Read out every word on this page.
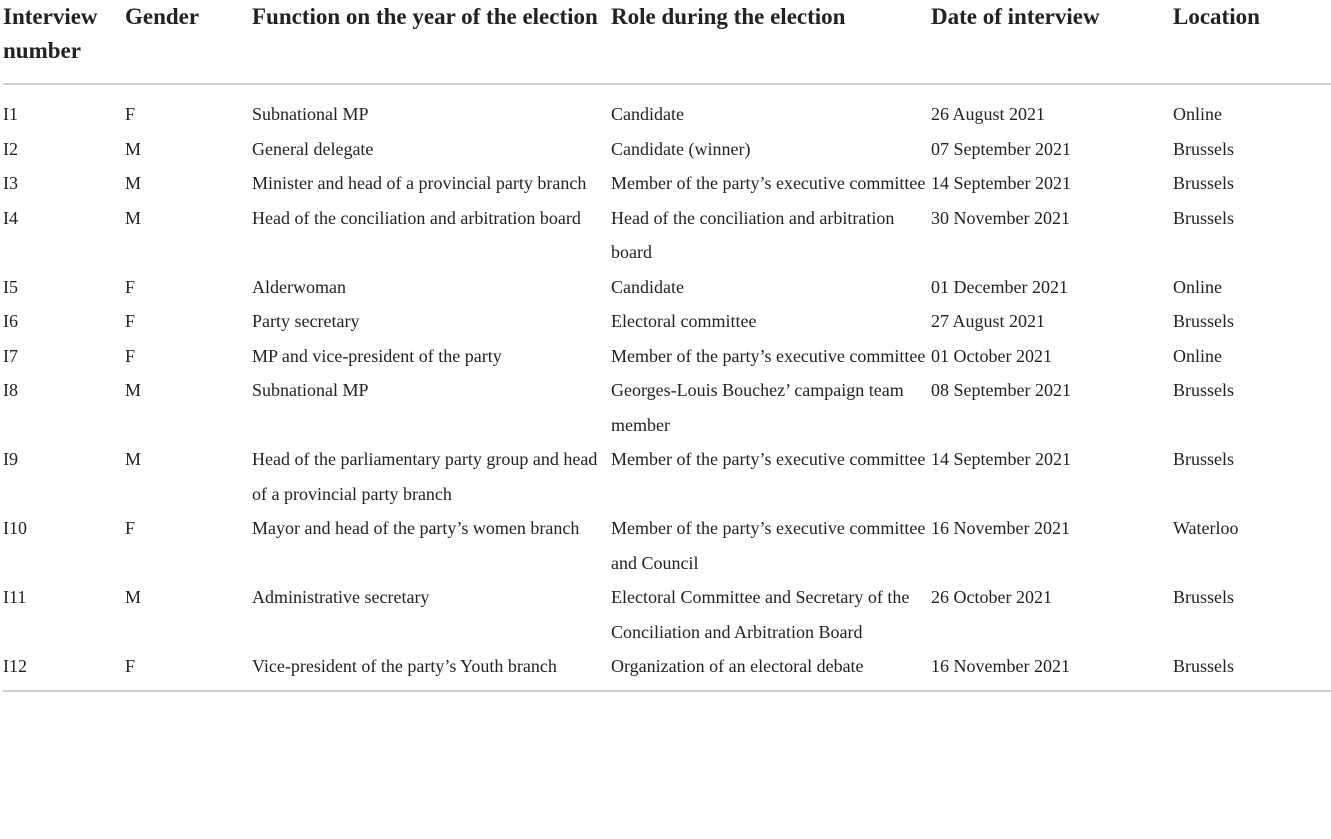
Interview number	Gender	Function on the year of the election	Role during the election	Date of interview	Location
I1	F	Subnational MP	Candidate	26 August 2021	Online
I2	M	General delegate	Candidate (winner)	07 September 2021	Brussels
I3	M	Minister and head of a provincial party branch	Member of the party’s executive committee	14 September 2021	Brussels
I4	M	Head of the conciliation and arbitration board	Head of the conciliation and arbitration board	30 November 2021	Brussels
I5	F	Alderwoman	Candidate	01 December 2021	Online
I6	F	Party secretary	Electoral committee	27 August 2021	Brussels
I7	F	MP and vice-president of the party	Member of the party’s executive committee	01 October 2021	Online
I8	M	Subnational MP	Georges-Louis Bouchez’ campaign team member	08 September 2021	Brussels
I9	M	Head of the parliamentary party group and head of a provincial party branch	Member of the party’s executive committee	14 September 2021	Brussels
I10	F	Mayor and head of the party’s women branch	Member of the party’s executive committee and Council	16 November 2021	Waterloo
I11	M	Administrative secretary	Electoral Committee and Secretary of the Conciliation and Arbitration Board	26 October 2021	Brussels
I12	F	Vice-president of the party’s Youth branch	Organization of an electoral debate	16 November 2021	Brussels
